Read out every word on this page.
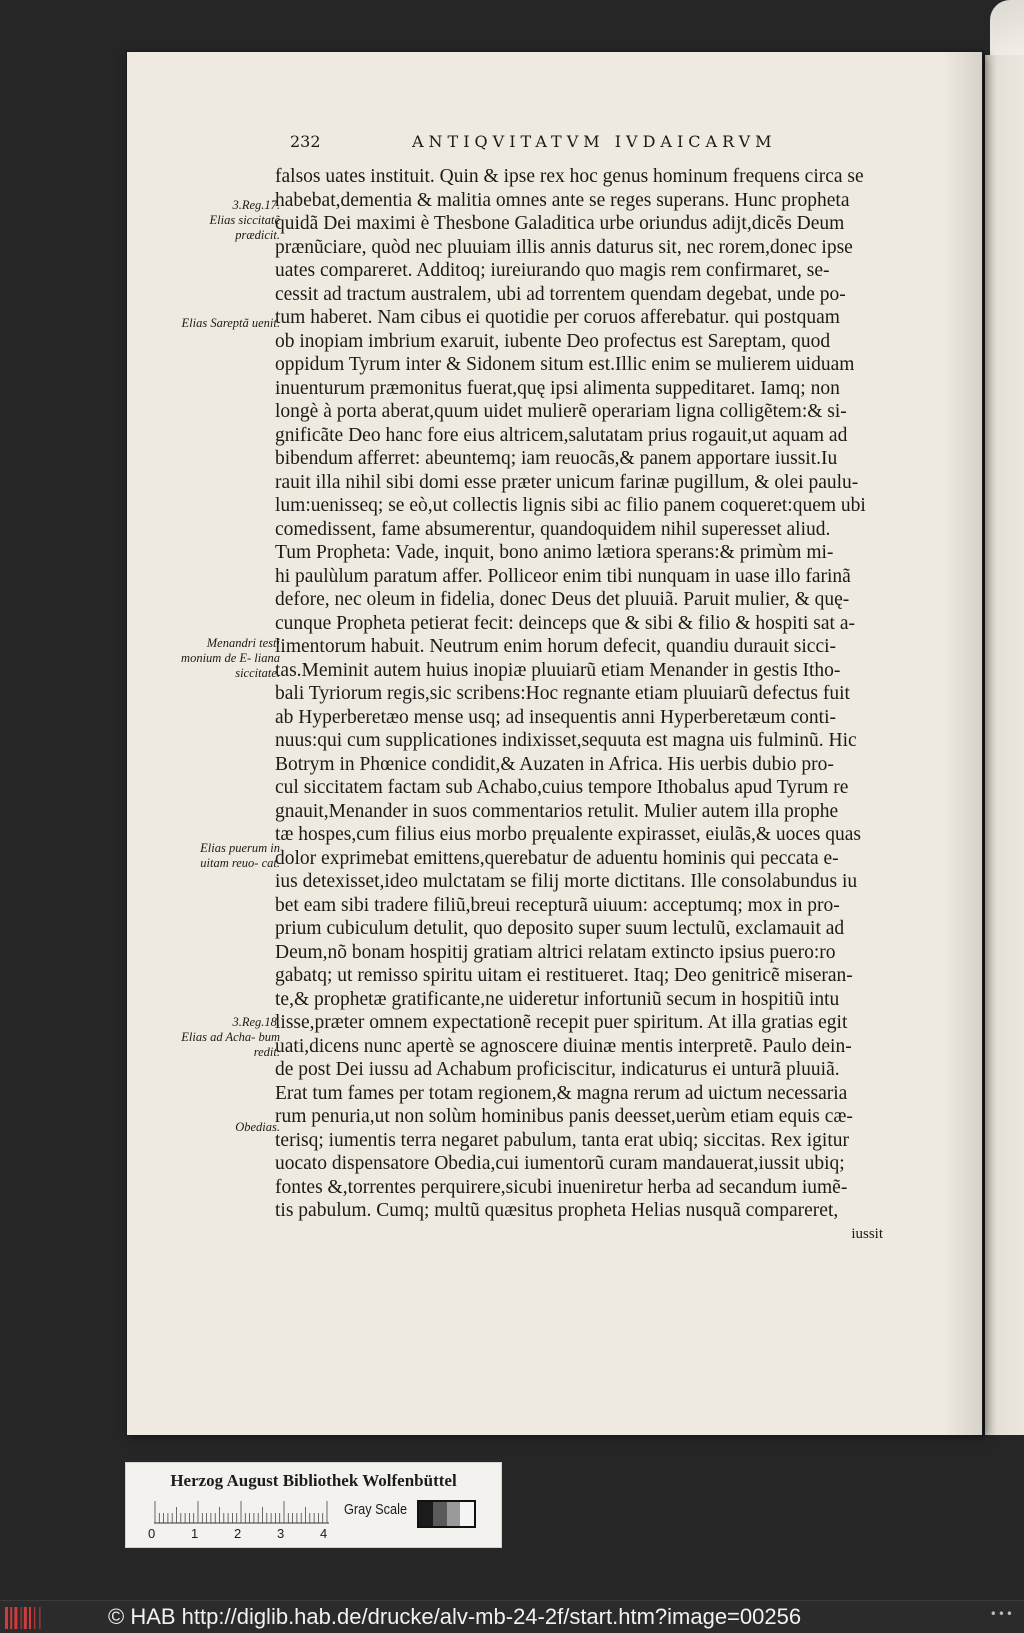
232	ANTIQVITATVM IVDAICARVM
falsos uates instituit. Quin & ipse rex hoc genus hominum frequens circa se
habebat,dementia & malitia omnes ante se reges superans. Hunc propheta
quidã Dei maximi è Thesbone Galaditica urbe oriundus adijt,dicẽs Deum
prænũciare, quòd nec pluuiam illis annis daturus sit, nec rorem,donec ipse
uates compareret. Additoq; iureiurando quo magis rem confirmaret, se-
cessit ad tractum australem, ubi ad torrentem quendam degebat, unde po-
tum haberet. Nam cibus ei quotidie per coruos afferebatur. qui postquam
ob inopiam imbrium exaruit, iubente Deo profectus est Sareptam, quod
oppidum Tyrum inter & Sidonem situm est.Illic enim se mulierem uiduam
inuenturum præmonitus fuerat,quę ipsi alimenta suppeditaret. Iamq; non
longè à porta aberat,quum uidet mulierẽ operariam ligna colligẽtem:& si-
gnificãte Deo hanc fore eius altricem,salutatam prius rogauit,ut aquam ad
bibendum afferret: abeuntemq; iam reuocãs,& panem apportare iussit.Iu
rauit illa nihil sibi domi esse præter unicum farinæ pugillum, & olei paulu-
lum:uenisseq; se eò,ut collectis lignis sibi ac filio panem coqueret:quem ubi
comedissent, fame absumerentur, quandoquidem nihil superesset aliud.
Tum Propheta: Vade, inquit, bono animo lætiora sperans:& primùm mi-
hi paulùlum paratum affer. Polliceor enim tibi nunquam in uase illo farinã
defore, nec oleum in fidelia, donec Deus det pluuiã. Paruit mulier, & quę-
cunque Propheta petierat fecit: deinceps que & sibi & filio & hospiti sat a-
limentorum habuit. Neutrum enim horum defecit, quandiu durauit sicci-
tas.Meminit autem huius inopiæ pluuiarũ etiam Menander in gestis Itho-
bali Tyriorum regis,sic scribens:Hoc regnante etiam pluuiarũ defectus fuit
ab Hyperberetæo mense usq; ad insequentis anni Hyperberetæum conti-
nuus:qui cum supplicationes indixisset,sequuta est magna uis fulminũ. Hic
Botrym in Phœnice condidit,& Auzaten in Africa. His uerbis dubio pro-
cul siccitatem factam sub Achabo,cuius tempore Ithobalus apud Tyrum re
gnauit,Menander in suos commentarios retulit. Mulier autem illa prophe
tæ hospes,cum filius eius morbo pręualente expirasset, eiulãs,& uoces quas
dolor exprimebat emittens,querebatur de aduentu hominis qui peccata e-
ius detexisset,ideo mulctatam se filij morte dictitans. Ille consolabundus iu
bet eam sibi tradere filiũ,breui recepturã uiuum: acceptumq; mox in pro-
prium cubiculum detulit, quo deposito super suum lectulũ, exclamauit ad
Deum,nõ bonam hospitij gratiam altrici relatam extincto ipsius puero:ro
gabatq; ut remisso spiritu uitam ei restitueret. Itaq; Deo genitricẽ miseran-
te,& prophetæ gratificante,ne uideretur infortuniũ secum in hospitiũ intu
lisse,præter omnem expectationẽ recepit puer spiritum. At illa gratias egit
uati,dicens nunc apertè se agnoscere diuinæ mentis interpretẽ. Paulo dein-
de post Dei iussu ad Achabum proficiscitur, indicaturus ei unturã pluuiã.
Erat tum fames per totam regionem,& magna rerum ad uictum necessaria
rum penuria,ut non solùm hominibus panis deesset,uerùm etiam equis cæ-
terisq; iumentis terra negaret pabulum, tanta erat ubiq; siccitas. Rex igitur
uocato dispensatore Obedia,cui iumentorũ curam mandauerat,iussit ubiq;
fontes &,torrentes perquirere,sicubi inueniretur herba ad secandum iumẽ-
tis pabulum. Cumq; multũ quæsitus propheta Helias nusquã compareret,
iussit
3.Reg.17.
Elias siccitatẽ prædicit.
Elias Sareptã uenit.
Menandri testi monium de E- liana siccitate.
Elias puerum in uitam reuo- cat.
3.Reg.18.
Elias ad Acha- bum redit.
Obedias.
Herzog August Bibliothek Wolfenbüttel
0	1	2	3	4
Gray Scale
© HAB http://diglib.hab.de/drucke/alv-mb-24-2f/start.htm?image=00256	•••
